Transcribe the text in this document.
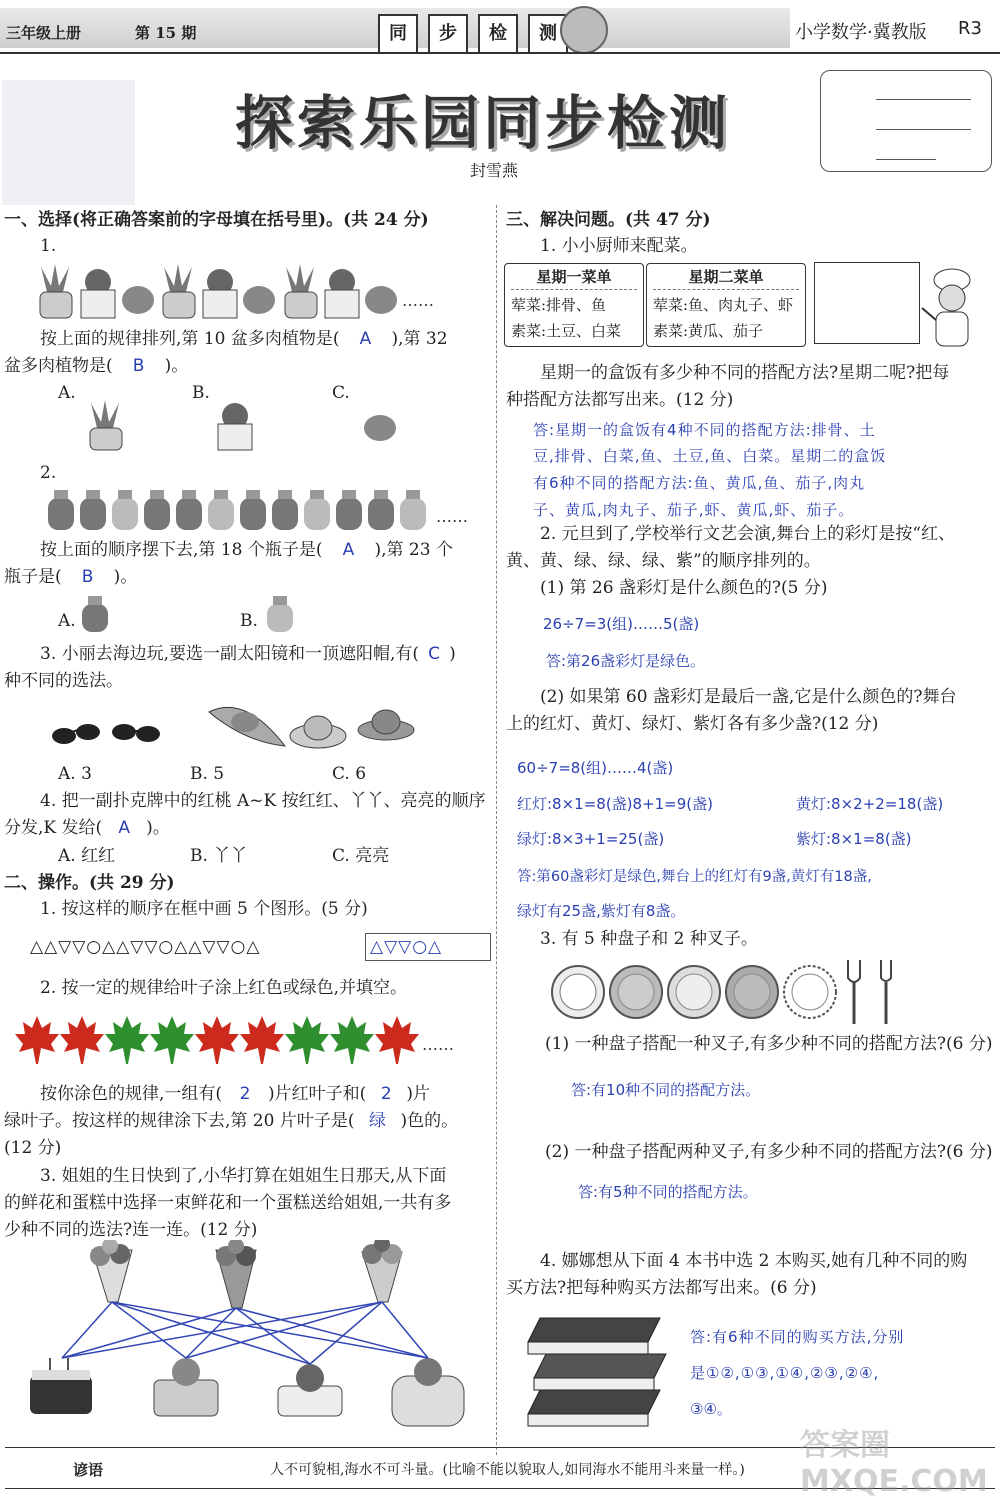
三年级上册	第 15 期	同	步	检	测	小学数学·冀教版 R3
探索乐园同步检测
封雪燕
一、选择(将正确答案前的字母填在括号里)。(共 24 分)
1.
……
按上面的规律排列,第 10 盆多肉植物是( A ),第 32
盆多肉植物是( B )。
A.	B.	C.
2.
……
按上面的顺序摆下去,第 18 个瓶子是( A ),第 23 个
瓶子是( B )。
A.	B.
3. 小丽去海边玩,要选一副太阳镜和一顶遮阳帽,有( C )
种不同的选法。
A. 3	B. 5	C. 6
4. 把一副扑克牌中的红桃 A~K 按红红、丫丫、亮亮的顺序
分发,K 发给( A )。
A. 红红	B. 丫丫	C. 亮亮
二、操作。(共 29 分)
1. 按这样的顺序在框中画 5 个图形。(5 分)
△△▽▽○△△▽▽○△△▽▽○△	△▽▽○△
2. 按一定的规律给叶子涂上红色或绿色,并填空。
……
按你涂色的规律,一组有( 2 )片红叶子和( 2 )片
绿叶子。按这样的规律涂下去,第 20 片叶子是( 绿 )色的。
(12 分)
3. 姐姐的生日快到了,小华打算在姐姐生日那天,从下面
的鲜花和蛋糕中选择一束鲜花和一个蛋糕送给姐姐,一共有多
少种不同的选法?连一连。(12 分)
三、解决问题。(共 47 分)
1. 小小厨师来配菜。
星期一菜单
荤菜:排骨、鱼
素菜:土豆、白菜
星期二菜单
荤菜:鱼、肉丸子、虾
素菜:黄瓜、茄子
星期一的盒饭有多少种不同的搭配方法?星期二呢?把每
种搭配方法都写出来。(12 分)
答:星期一的盒饭有4种不同的搭配方法:排骨、土
豆,排骨、白菜,鱼、土豆,鱼、白菜。星期二的盒饭
有6种不同的搭配方法:鱼、黄瓜,鱼、茄子,肉丸
子、黄瓜,肉丸子、茄子,虾、黄瓜,虾、茄子。
2. 元旦到了,学校举行文艺会演,舞台上的彩灯是按“红、
黄、黄、绿、绿、绿、紫”的顺序排列的。
(1) 第 26 盏彩灯是什么颜色的?(5 分)
26÷7=3(组)……5(盏)
答:第26盏彩灯是绿色。
(2) 如果第 60 盏彩灯是最后一盏,它是什么颜色的?舞台
上的红灯、黄灯、绿灯、紫灯各有多少盏?(12 分)
60÷7=8(组)……4(盏)
红灯:8×1=8(盏)8+1=9(盏)	黄灯:8×2+2=18(盏)
绿灯:8×3+1=25(盏)	紫灯:8×1=8(盏)
答:第60盏彩灯是绿色,舞台上的红灯有9盏,黄灯有18盏,
绿灯有25盏,紫灯有8盏。
3. 有 5 种盘子和 2 种叉子。
(1) 一种盘子搭配一种叉子,有多少种不同的搭配方法?(6 分)
答:有10种不同的搭配方法。
(2) 一种盘子搭配两种叉子,有多少种不同的搭配方法?(6 分)
答:有5种不同的搭配方法。
4. 娜娜想从下面 4 本书中选 2 本购买,她有几种不同的购
买方法?把每种购买方法都写出来。(6 分)
答:有6种不同的购买方法,分别
是①②,①③,①④,②③,②④,
③④。
谚语	人不可貌相,海水不可斗量。(比喻不能以貌取人,如同海水不能用斗来量一样。)
答案圈 MXQE.COM
